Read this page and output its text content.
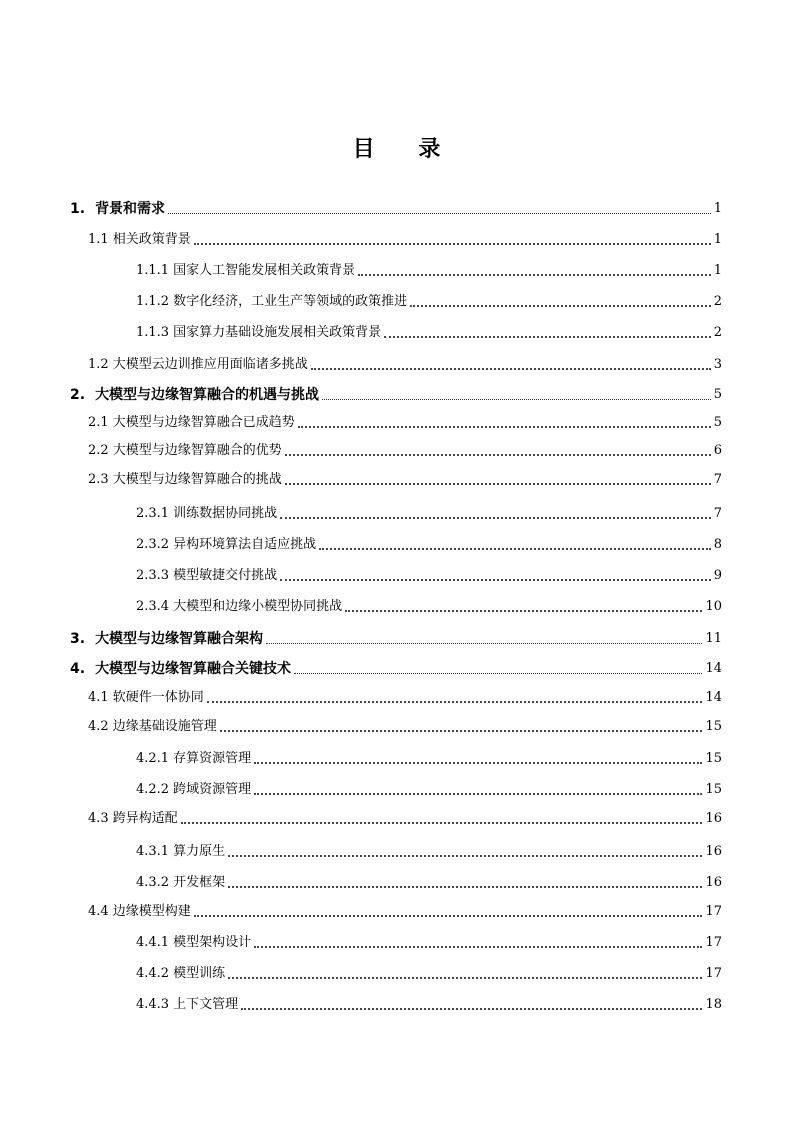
目 录
1. 背景和需求	1
1.1 相关政策背景	1
1.1.1 国家人工智能发展相关政策背景	1
1.1.2 数字化经济，工业生产等领域的政策推进	2
1.1.3 国家算力基础设施发展相关政策背景	2
1.2 大模型云边训推应用面临诸多挑战	3
2. 大模型与边缘智算融合的机遇与挑战	5
2.1 大模型与边缘智算融合已成趋势	5
2.2 大模型与边缘智算融合的优势	6
2.3 大模型与边缘智算融合的挑战	7
2.3.1 训练数据协同挑战	7
2.3.2 异构环境算法自适应挑战	8
2.3.3 模型敏捷交付挑战	9
2.3.4 大模型和边缘小模型协同挑战	10
3. 大模型与边缘智算融合架构	11
4. 大模型与边缘智算融合关键技术	14
4.1 软硬件一体协同	14
4.2 边缘基础设施管理	15
4.2.1 存算资源管理	15
4.2.2 跨域资源管理	15
4.3 跨异构适配	16
4.3.1 算力原生	16
4.3.2 开发框架	16
4.4 边缘模型构建	17
4.4.1 模型架构设计	17
4.4.2 模型训练	17
4.4.3 上下文管理	18
